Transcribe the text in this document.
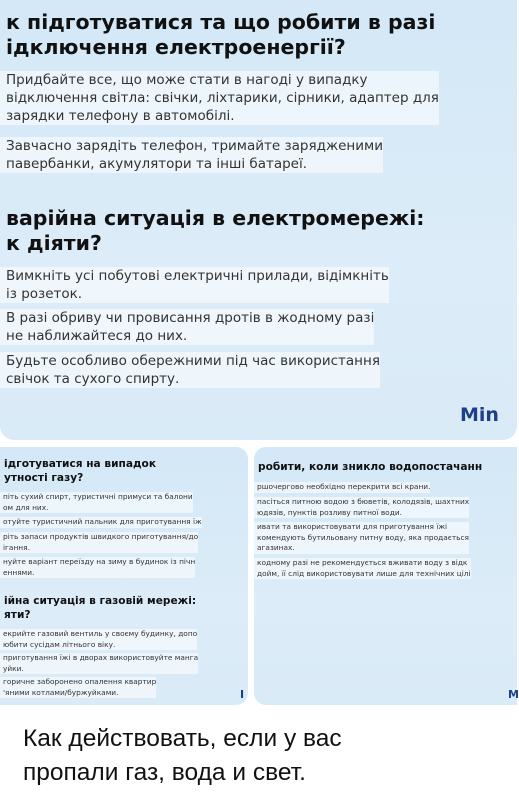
к підготуватися та що робити в разі
ідключення електроенергії?
Придбайте все, що може стати в нагоді у випадку
відключення світла: свічки, ліхтарики, сірники, адаптер для
зарядки телефону в автомобілі.
Завчасно зарядіть телефон, тримайте зарядженими
павербанки, акумулятори та інші батареї.
варійна ситуація в електромережі:
к діяти?
Вимкніть усі побутові електричні прилади, відімкніть
із розеток.
В разі обриву чи провисання дротів в жодному разі
не наближайтеся до них.
Будьте особливо обережними під час використання
свічок та сухого спирту.
Min
ідготуватися на випадок
утності газу?
піть сухий спирт, туристичні примуси та балони
ом для них.
отуйте туристичний пальник для приготування їж
ріть запаси продуктів швидкого приготування/до
ігання.
нуйте варіант переїзду на зиму в будинок із пічн
еннями.
ійна ситуація в газовій мережі:
яти?
екрийте газовий вентиль у своєму будинку, допо
юбити сусідам літнього віку.
приготування їжі в дворах використовуйте манга
уйки.
горичне заборонено опалення квартир
'яними котлами/буржуйками.	I
робити, коли зникло водопостачанн
ршочергово необхідно перекрити всі крани.
пасіться питною водою з бюветів, колодязів, шахтних
юдязів, пунктів розливу питної води.
ивати та використовувати для приготування їжі
комендують бутильовану питну воду, яка продається
агазинах.
кодному разі не рекомендується вживати воду з відк
дойм, її слід використовувати лише для технічних цілі
M
Как действовать, если у вас
пропали газ, вода и свет.
